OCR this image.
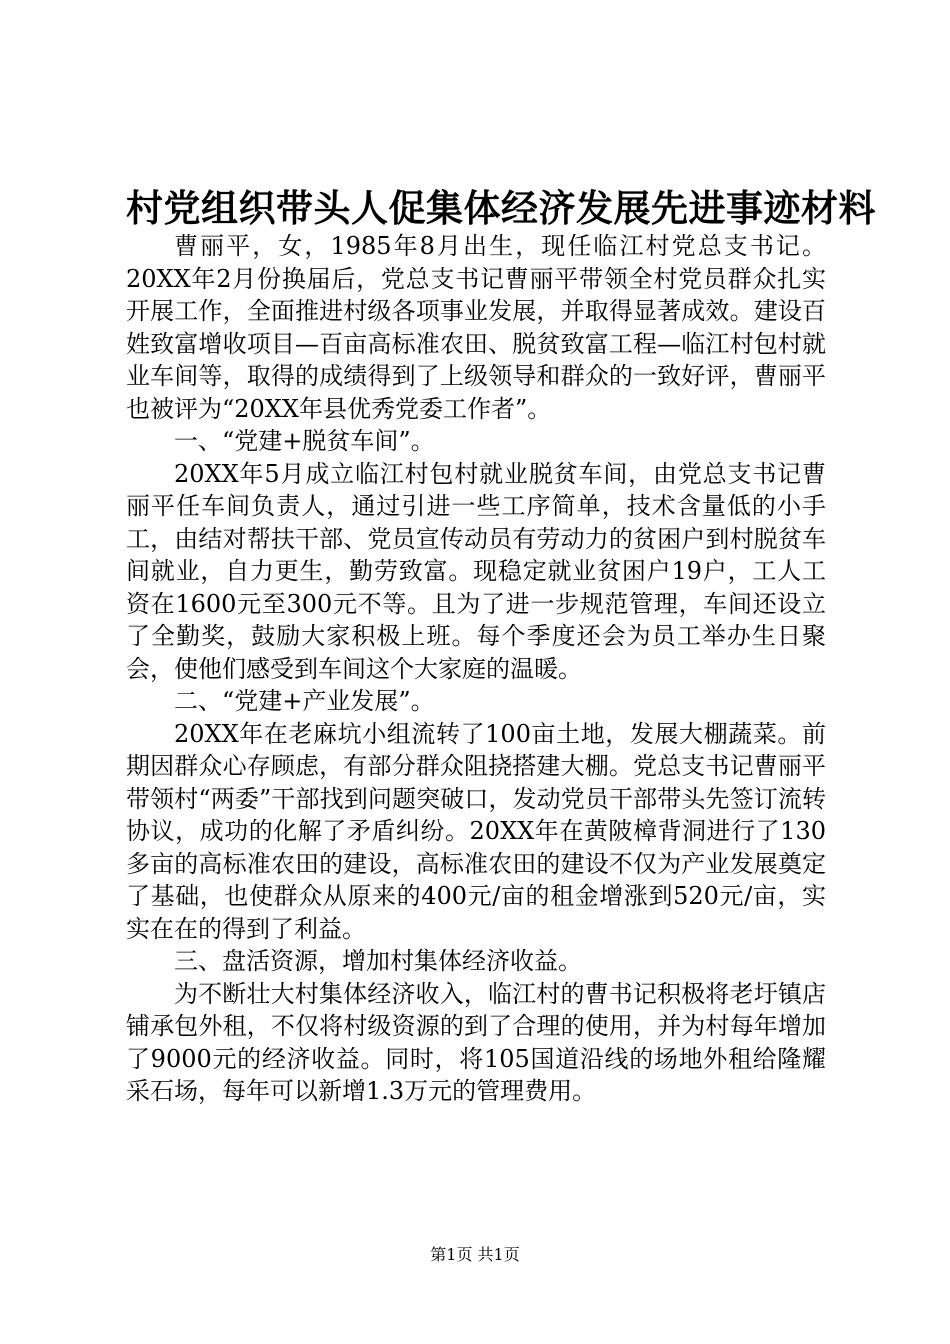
村党组织带头人促集体经济发展先进事迹材料

曹丽平，女，1985年8月出生，现任临江村党总支书记。20XX年2月份换届后，党总支书记曹丽平带领全村党员群众扎实开展工作，全面推进村级各项事业发展，并取得显著成效。建设百姓致富增收项目—百亩高标准农田、脱贫致富工程—临江村包村就业车间等，取得的成绩得到了上级领导和群众的一致好评，曹丽平也被评为“20XX年县优秀党委工作者”。

一、“党建+脱贫车间”。

20XX年5月成立临江村包村就业脱贫车间，由党总支书记曹丽平任车间负责人，通过引进一些工序简单，技术含量低的小手工，由结对帮扶干部、党员宣传动员有劳动力的贫困户到村脱贫车间就业，自力更生，勤劳致富。现稳定就业贫困户19户，工人工资在1600元至300元不等。且为了进一步规范管理，车间还设立了全勤奖，鼓励大家积极上班。每个季度还会为员工举办生日聚会，使他们感受到车间这个大家庭的温暖。

二、“党建+产业发展”。

20XX年在老麻坑小组流转了100亩土地，发展大棚蔬菜。前期因群众心存顾虑，有部分群众阻挠搭建大棚。党总支书记曹丽平带领村“两委”干部找到问题突破口，发动党员干部带头先签订流转协议，成功的化解了矛盾纠纷。20XX年在黄陂樟背洞进行了130多亩的高标准农田的建设，高标准农田的建设不仅为产业发展奠定了基础，也使群众从原来的400元/亩的租金增涨到520元/亩，实实在在的得到了利益。

三、盘活资源，增加村集体经济收益。

为不断壮大村集体经济收入，临江村的曹书记积极将老圩镇店铺承包外租，不仅将村级资源的到了合理的使用，并为村每年增加了9000元的经济收益。同时，将105国道沿线的场地外租给隆耀采石场，每年可以新增1.3万元的管理费用。

第1页 共1页
